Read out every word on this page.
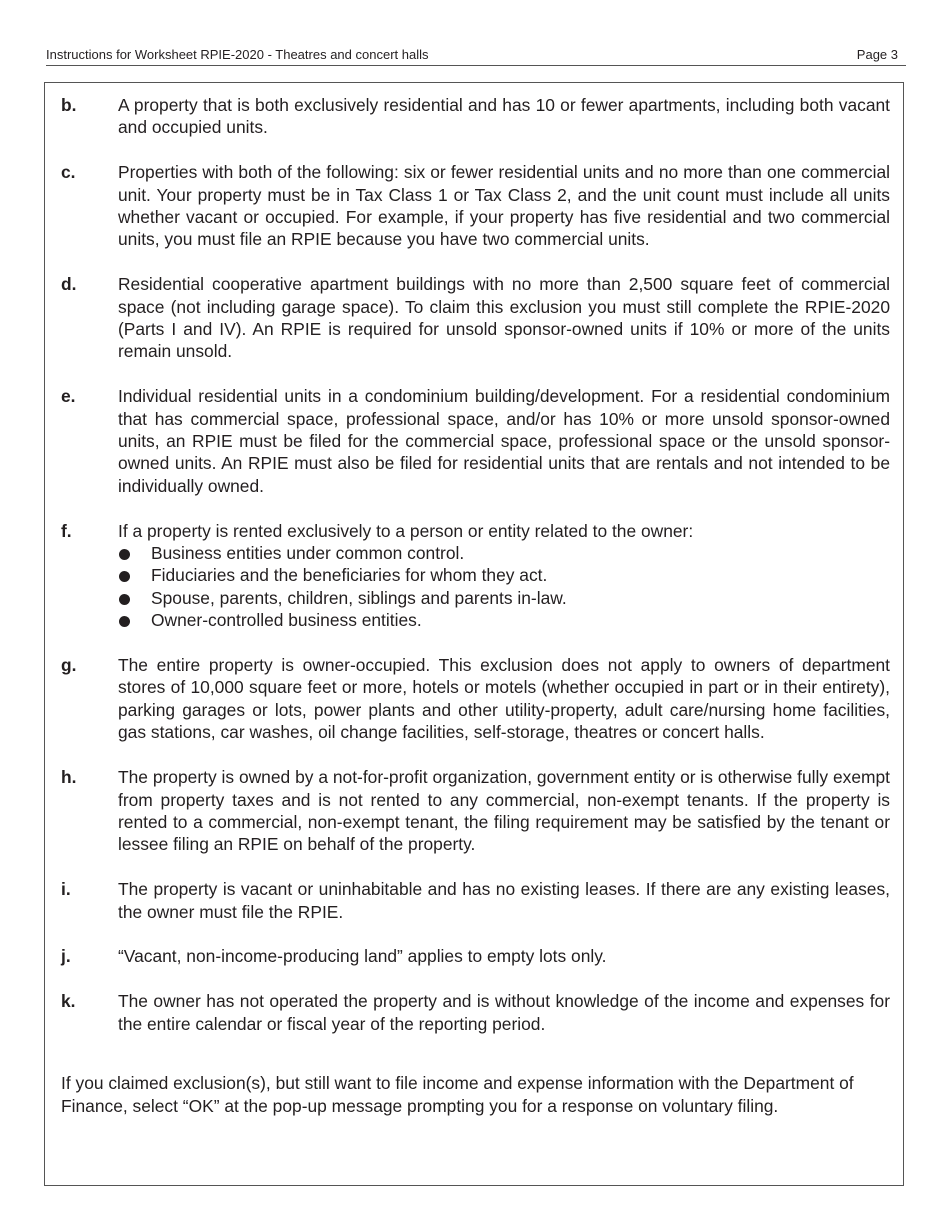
Instructions for Worksheet RPIE-2020 - Theatres and concert halls	Page 3
b. A property that is both exclusively residential and has 10 or fewer apartments, including both vacant and occupied units.
c. Properties with both of the following: six or fewer residential units and no more than one commercial unit. Your property must be in Tax Class 1 or Tax Class 2, and the unit count must include all units whether vacant or occupied. For example, if your property has five residential and two commercial units, you must file an RPIE because you have two commercial units.
d. Residential cooperative apartment buildings with no more than 2,500 square feet of commercial space (not including garage space). To claim this exclusion you must still complete the RPIE-2020 (Parts I and IV). An RPIE is required for unsold sponsor-owned units if 10% or more of the units remain unsold.
e. Individual residential units in a condominium building/development. For a residential condominium that has commercial space, professional space, and/or has 10% or more unsold sponsor-owned units, an RPIE must be filed for the commercial space, professional space or the unsold sponsor-owned units. An RPIE must also be filed for residential units that are rentals and not intended to be individually owned.
f.	If a property is rented exclusively to a person or entity related to the owner:
Business entities under common control.
Fiduciaries and the beneficiaries for whom they act.
Spouse, parents, children, siblings and parents in-law.
Owner-controlled business entities.
g. The entire property is owner-occupied. This exclusion does not apply to owners of department stores of 10,000 square feet or more, hotels or motels (whether occupied in part or in their entirety), parking garages or lots, power plants and other utility-property, adult care/nursing home facilities, gas stations, car washes, oil change facilities, self-storage, theatres or concert halls.
h. The property is owned by a not-for-profit organization, government entity or is otherwise fully exempt from property taxes and is not rented to any commercial, non-exempt tenants. If the property is rented to a commercial, non-exempt tenant, the filing requirement may be satisfied by the tenant or lessee filing an RPIE on behalf of the property.
i.	The property is vacant or uninhabitable and has no existing leases. If there are any existing leases, the owner must file the RPIE.
j.	“Vacant, non-income-producing land” applies to empty lots only.
k. The owner has not operated the property and is without knowledge of the income and expenses for the entire calendar or fiscal year of the reporting period.

If you claimed exclusion(s), but still want to file income and expense information with the Department of Finance, select “OK” at the pop-up message prompting you for a response on voluntary filing.
